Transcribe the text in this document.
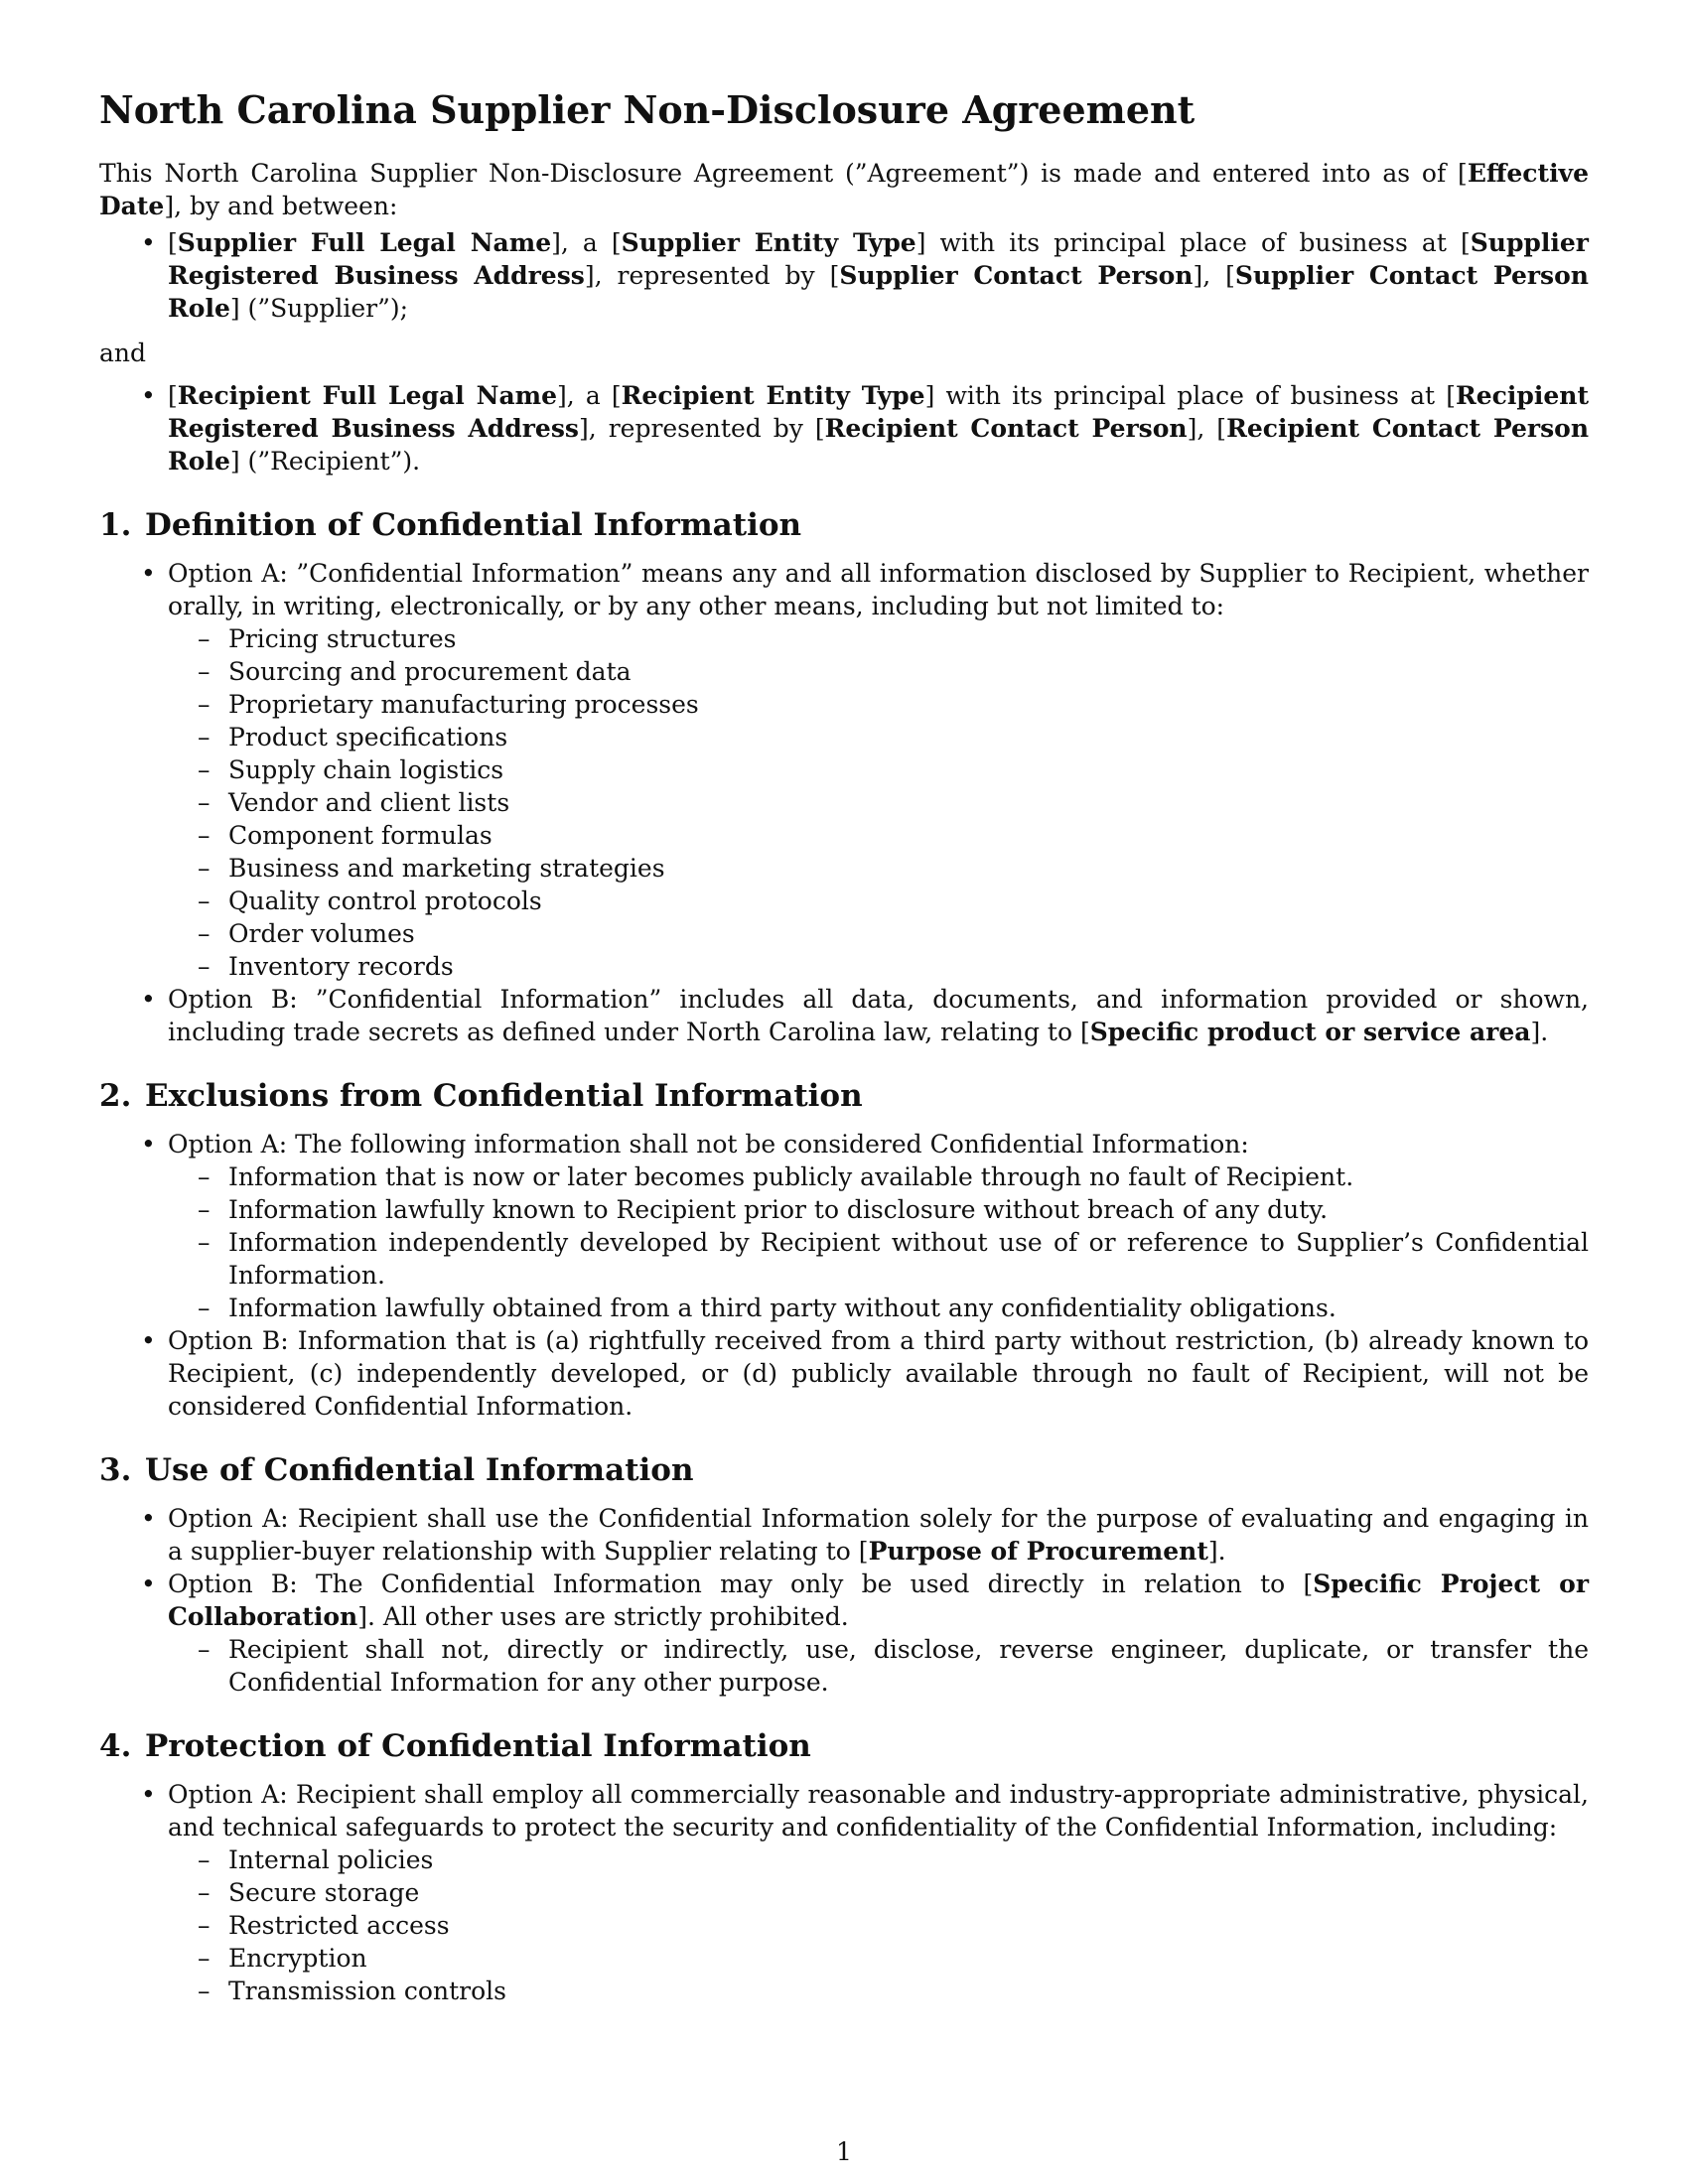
North Carolina Supplier Non-Disclosure Agreement

This North Carolina Supplier Non-Disclosure Agreement (”Agreement”) is made and entered into as of [Effective Date], by and between:

• [Supplier Full Legal Name], a [Supplier Entity Type] with its principal place of business at [Supplier Registered Business Address], represented by [Supplier Contact Person], [Supplier Contact Person Role] (”Supplier”);

and

• [Recipient Full Legal Name], a [Recipient Entity Type] with its principal place of business at [Recipient Registered Business Address], represented by [Recipient Contact Person], [Recipient Contact Person Role] (”Recipient”).
1. Definition of Confidential Information
• Option A: ”Confidential Information” means any and all information disclosed by Supplier to Recipient, whether orally, in writing, electronically, or by any other means, including but not limited to:
– Pricing structures
– Sourcing and procurement data
– Proprietary manufacturing processes
– Product specifications
– Supply chain logistics
– Vendor and client lists
– Component formulas
– Business and marketing strategies
– Quality control protocols
– Order volumes
– Inventory records
• Option B: ”Confidential Information” includes all data, documents, and information provided or shown, including trade secrets as defined under North Carolina law, relating to [Specific product or service area].
2. Exclusions from Confidential Information
• Option A: The following information shall not be considered Confidential Information:
– Information that is now or later becomes publicly available through no fault of Recipient.
– Information lawfully known to Recipient prior to disclosure without breach of any duty.
– Information independently developed by Recipient without use of or reference to Supplier’s Confidential Information.
– Information lawfully obtained from a third party without any confidentiality obligations.
• Option B: Information that is (a) rightfully received from a third party without restriction, (b) already known to Recipient, (c) independently developed, or (d) publicly available through no fault of Recipient, will not be considered Confidential Information.
3. Use of Confidential Information
• Option A: Recipient shall use the Confidential Information solely for the purpose of evaluating and engaging in a supplier-buyer relationship with Supplier relating to [Purpose of Procurement].
• Option B: The Confidential Information may only be used directly in relation to [Specific Project or Collaboration]. All other uses are strictly prohibited.
– Recipient shall not, directly or indirectly, use, disclose, reverse engineer, duplicate, or transfer the Confidential Information for any other purpose.
4. Protection of Confidential Information
• Option A: Recipient shall employ all commercially reasonable and industry-appropriate administrative, physical, and technical safeguards to protect the security and confidentiality of the Confidential Information, including:
– Internal policies
– Secure storage
– Restricted access
– Encryption
– Transmission controls
1
